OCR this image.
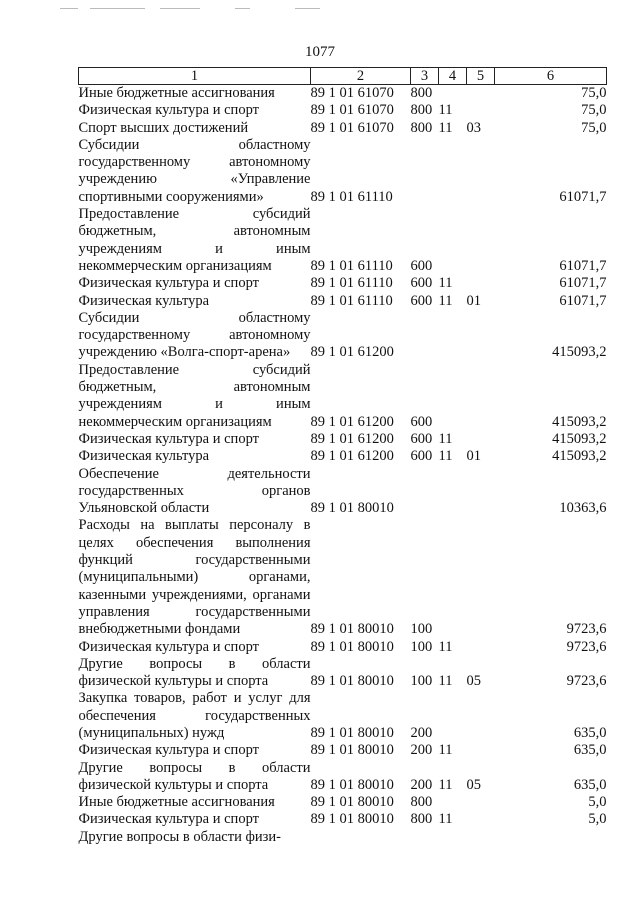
1077
1	2	3	4	5	6
Иные бюджетные ассигнования	89 1 01 61070	800			75,0
Физическая культура и спорт	89 1 01 61070	800	11		75,0
Спорт высших достижений	89 1 01 61070	800	11	03	75,0
Субсидии областному государственному автономному учреждению «Управление спортивными сооружениями»	89 1 01 61110				61071,7
Предоставление субсидий бюджетным, автономным учреждениям и иным некоммерческим организациям	89 1 01 61110	600			61071,7
Физическая культура и спорт	89 1 01 61110	600	11		61071,7
Физическая культура	89 1 01 61110	600	11	01	61071,7
Субсидии областному государственному автономному учреждению «Волга-спорт-арена»	89 1 01 61200				415093,2
Предоставление субсидий бюджетным, автономным учреждениям и иным некоммерческим организациям	89 1 01 61200	600			415093,2
Физическая культура и спорт	89 1 01 61200	600	11		415093,2
Физическая культура	89 1 01 61200	600	11	01	415093,2
Обеспечение деятельности государственных органов Ульяновской области	89 1 01 80010				10363,6
Расходы на выплаты персоналу в целях обеспечения выполнения функций государственными (муниципальными) органами, казенными учреждениями, органами управления государственными внебюджетными фондами	89 1 01 80010	100			9723,6
Физическая культура и спорт	89 1 01 80010	100	11		9723,6
Другие вопросы в области физической культуры и спорта	89 1 01 80010	100	11	05	9723,6
Закупка товаров, работ и услуг для обеспечения государственных (муниципальных) нужд	89 1 01 80010	200			635,0
Физическая культура и спорт	89 1 01 80010	200	11		635,0
Другие вопросы в области физической культуры и спорта	89 1 01 80010	200	11	05	635,0
Иные бюджетные ассигнования	89 1 01 80010	800			5,0
Физическая культура и спорт	89 1 01 80010	800	11		5,0
Другие вопросы в области физи-					
